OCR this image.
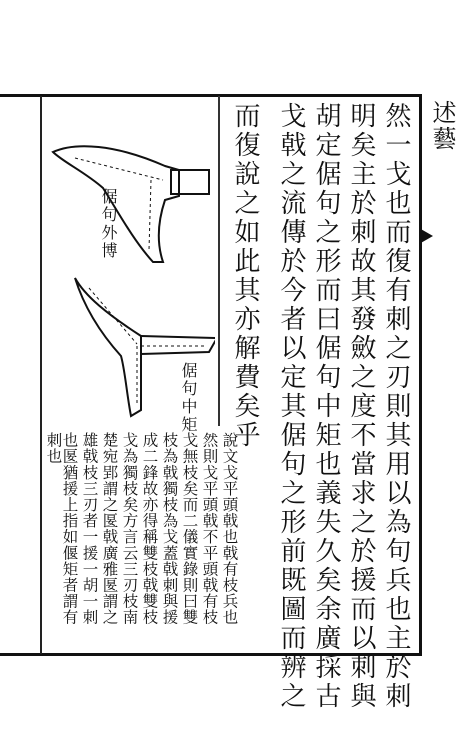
述藝
然一戈也而復有刺之刃則其用以為句兵也主於刺
明矣主於刺故其發斂之度不當求之於援而以刺與
胡定倨句之形而曰倨句中矩也義失久矣余廣採古
戈戟之流傳於今者以定其倨句之形前既圖而辨之
而復說之如此其亦解費矣乎
說文戈平頭戟也戟有枝兵也
然則戈平頭戟不平頭戟有枝
戈無枝矣而二儀實錄則曰雙
枝為戟獨枝為戈蓋戟刺與援
成二鋒故亦得稱雙枝戟雙枝
戈為獨枝矣方言云三刃枝南
楚宛郢謂之匽戟廣雅匽謂之
雄戟枝三刃者一援一胡一刺
也匽猶援上指如偃矩者謂有
刺也
倨句外博
倨句中矩
